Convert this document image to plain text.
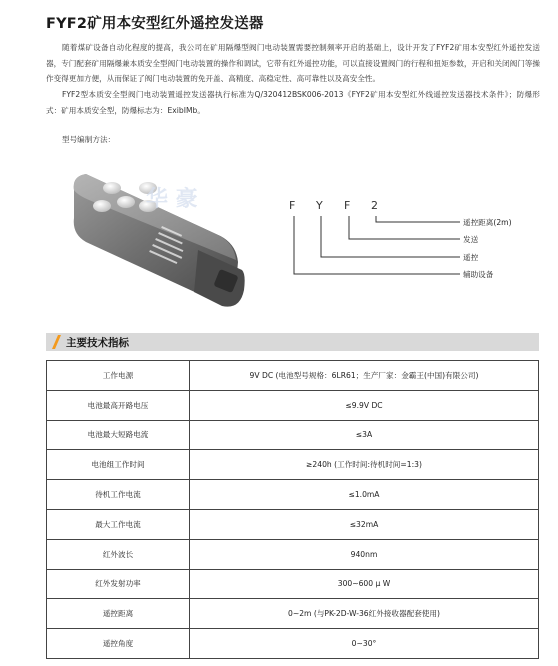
FYF2矿用本安型红外遥控发送器
随着煤矿设备自动化程度的提高，我公司在矿用隔爆型阀门电动装置需要控制频率开启的基础上，设计开发了FYF2矿用本安型红外遥控发送器，专门配套矿用隔爆兼本质安全型阀门电动装置的操作和调试，它带有红外遥控功能，可以直接设置阀门的行程和扭矩参数，开启和关闭阀门等操作变得更加方便，从而保证了阀门电动装置的免开盖、高精度、高稳定性、高可靠性以及高安全性。
FYF2型本质安全型阀门电动装置遥控发送器执行标准为Q/320412BSK006-2013《FYF2矿用本安型红外线遥控发送器技术条件》；防爆形式：矿用本质安全型，防爆标志为：ExibIMb。
型号编制方法：
华 豪	F Y F 2
遥控距离(2m)
发送
遥控
辅助设备
主要技术指标
工作电源	9V DC (电池型号规格：6LR61；生产厂家：金霸王(中国)有限公司)
电池最高开路电压	≤9.9V DC
电池最大短路电流	≤3A
电池组工作时间	≥240h (工作时间:待机时间=1:3)
待机工作电流	≤1.0mA
最大工作电流	≤32mA
红外波长	940nm
红外发射功率	300~600 μ W
遥控距离	0~2m (与PK-2D-W-36红外接收器配套使用)
遥控角度	0~30°
